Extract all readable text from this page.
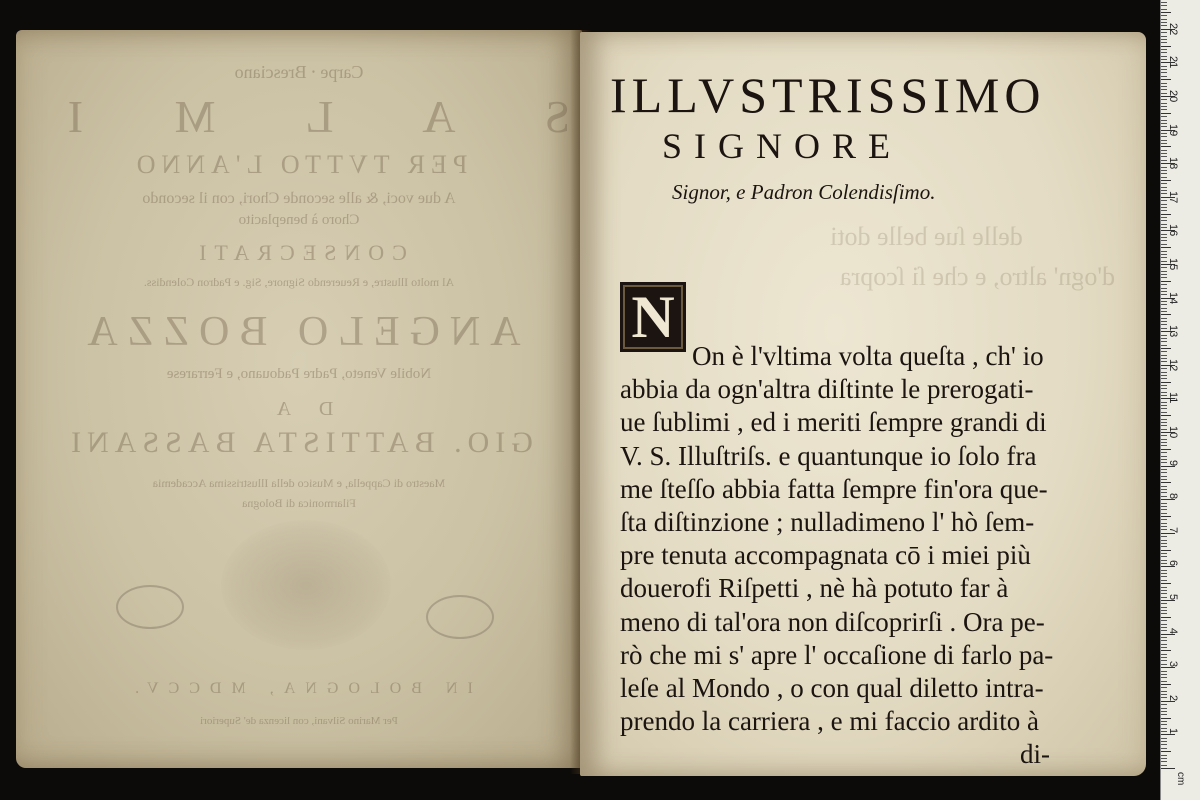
Carpe ⸱ Bresciano
S A L M I
PER TVTTO L'ANNO
A due voci, & alle seconde Chori, con il secondo
Choro à beneplacito
CONSECRATI
Al molto Illustre, e Reuerendo Signore, Sig. e Padron Colendiss.
ANGELO BOZZA
Nobile Veneto, Padre Padouano, e Ferrarese
D A
GIO. BATTISTA BASSANI
Maestro di Cappella, e Musico della Illustrissima Accademia
Filarmonica di Bologna
IN BOLOGNA, MDCCV.
Per Marino Silvani, con licenza de' Superiori
delle ſue belle doti
d'ogn' altro, e che ſi ſcopra
ILLVSTRISSIMO
SIGNORE
Signor, e Padron Colendisſimo.
N
On è l'vltima volta queſta , ch' io
abbia da ogn'altra diſtinte le prerogati-
ue ſublimi , ed i meriti ſempre grandi di
V. S. Illuſtriſs. e quantunque io ſolo fra
me ſteſſo abbia fatta ſempre fin'ora que-
ſta diſtinzione ; nulladimeno l' hò ſem-
pre tenuta accompagnata cō i miei più
douerofi Riſpetti , nè hà potuto far à
meno di tal'ora non diſcoprirſi . Ora pe-
rò che mi s' apre l' occaſione di farlo pa-
leſe al Mondo , o con qual diletto intra-
prendo la carriera , e mi faccio ardito à
di-
cm
1
2
3
4
5
6
7
8
9
10
11
12
13
14
15
16
17
18
19
20
21
22
